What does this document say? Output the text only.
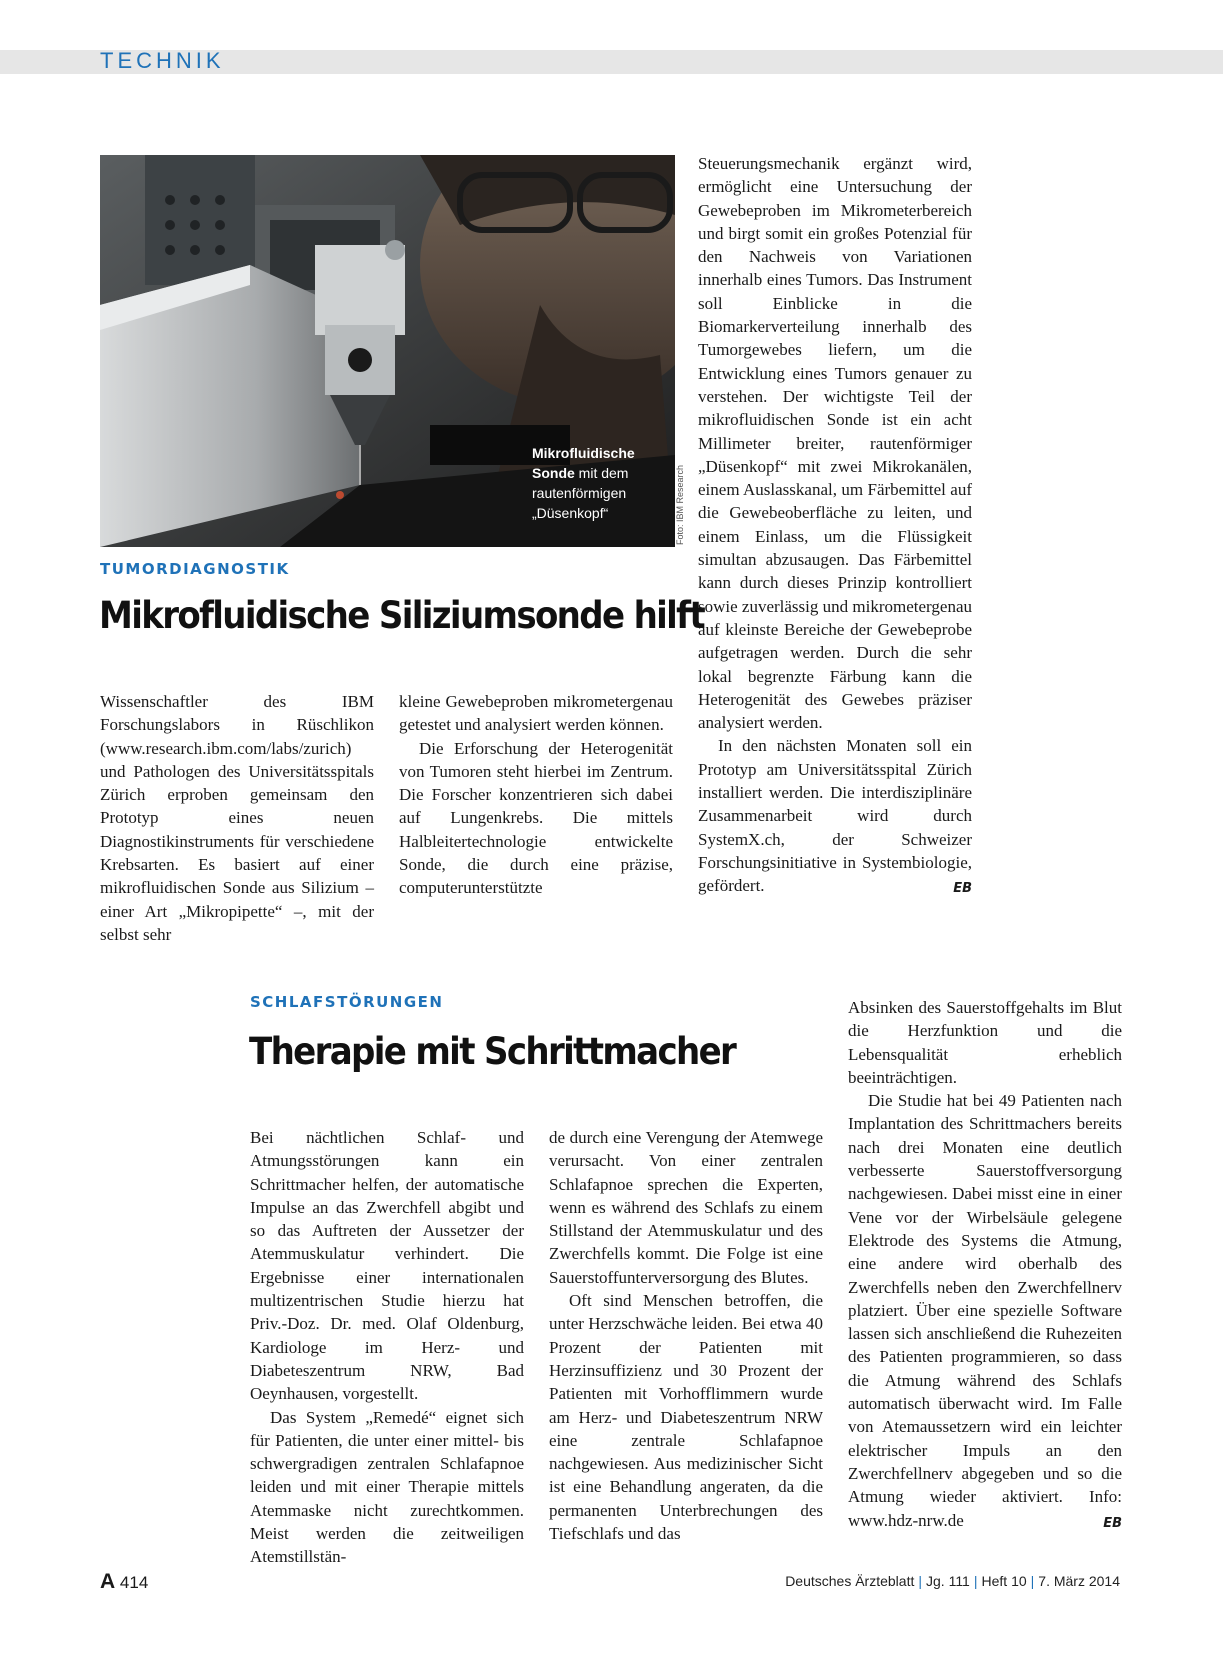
TECHNIK
Mikrofluidische Sonde mit dem rautenförmigen „Düsenkopf“	Foto: IBM Research
TUMORDIAGNOSTIK
Mikrofluidische Siliziumsonde hilft

Wissenschaftler des IBM Forschungslabors in Rüschlikon (www.research.ibm.com/labs/zurich) und Pathologen des Universitätsspitals Zürich erproben gemeinsam den Prototyp eines neuen Diagnostikinstruments für verschiedene Krebsarten. Es basiert auf einer mikrofluidischen Sonde aus Silizium – einer Art „Mikropipette“ –, mit der selbst sehr

kleine Gewebeproben mikrometergenau getestet und analysiert werden können.

Die Erforschung der Heterogenität von Tumoren steht hierbei im Zentrum. Die Forscher konzentrieren sich dabei auf Lungenkrebs. Die mittels Halbleitertechnologie entwickelte Sonde, die durch eine präzise, computerunterstützte

Steuerungsmechanik ergänzt wird, ermöglicht eine Untersuchung der Gewebeproben im Mikrometerbereich und birgt somit ein großes Potenzial für den Nachweis von Variationen innerhalb eines Tumors. Das Instrument soll Einblicke in die Biomarkerverteilung innerhalb des Tumorgewebes liefern, um die Entwicklung eines Tumors genauer zu verstehen. Der wichtigste Teil der mikrofluidischen Sonde ist ein acht Millimeter breiter, rautenförmiger „Düsenkopf“ mit zwei Mikrokanälen, einem Auslasskanal, um Färbemittel auf die Gewebeoberfläche zu leiten, und einem Einlass, um die Flüssigkeit simultan abzusaugen. Das Färbemittel kann durch dieses Prinzip kontrolliert sowie zuverlässig und mikrometergenau auf kleinste Bereiche der Gewebeprobe aufgetragen werden. Durch die sehr lokal begrenzte Färbung kann die Heterogenität des Gewebes präziser analysiert werden.

In den nächsten Monaten soll ein Prototyp am Universitätsspital Zürich installiert werden. Die interdisziplinäre Zusammenarbeit wird durch SystemX.ch, der Schweizer Forschungsinitiative in Systembiologie, gefördert.	EB

SCHLAFSTÖRUNGEN
Therapie mit Schrittmacher

Bei nächtlichen Schlaf- und Atmungsstörungen kann ein Schrittmacher helfen, der automatische Impulse an das Zwerchfell abgibt und so das Auftreten der Aussetzer der Atemmuskulatur verhindert. Die Ergebnisse einer internationalen multizentrischen Studie hierzu hat Priv.-Doz. Dr. med. Olaf Oldenburg, Kardiologe im Herz- und Diabeteszentrum NRW, Bad Oeynhausen, vorgestellt.

Das System „Remedé“ eignet sich für Patienten, die unter einer mittel- bis schwergradigen zentralen Schlafapnoe leiden und mit einer Therapie mittels Atemmaske nicht zurechtkommen. Meist werden die zeitweiligen Atemstillstän-

de durch eine Verengung der Atemwege verursacht. Von einer zentralen Schlafapnoe sprechen die Experten, wenn es während des Schlafs zu einem Stillstand der Atemmuskulatur und des Zwerchfells kommt. Die Folge ist eine Sauerstoffunterversorgung des Blutes.

Oft sind Menschen betroffen, die unter Herzschwäche leiden. Bei etwa 40 Prozent der Patienten mit Herzinsuffizienz und 30 Prozent der Patienten mit Vorhofflimmern wurde am Herz- und Diabeteszentrum NRW eine zentrale Schlafapnoe nachgewiesen. Aus medizinischer Sicht ist eine Behandlung angeraten, da die permanenten Unterbrechungen des Tiefschlafs und das

Absinken des Sauerstoffgehalts im Blut die Herzfunktion und die Lebensqualität erheblich beeinträchtigen.

Die Studie hat bei 49 Patienten nach Implantation des Schrittmachers bereits nach drei Monaten eine deutlich verbesserte Sauerstoffversorgung nachgewiesen. Dabei misst eine in einer Vene vor der Wirbelsäule gelegene Elektrode des Systems die Atmung, eine andere wird oberhalb des Zwerchfells neben den Zwerchfellnerv platziert. Über eine spezielle Software lassen sich anschließend die Ruhezeiten des Patienten programmieren, so dass die Atmung während des Schlafs automatisch überwacht wird. Im Falle von Atemaussetzern wird ein leichter elektrischer Impuls an den Zwerchfellnerv abgegeben und so die Atmung wieder aktiviert. Info: www.hdz-nrw.de	EB

A 414	Deutsches Ärzteblatt | Jg. 111 | Heft 10 | 7. März 2014
